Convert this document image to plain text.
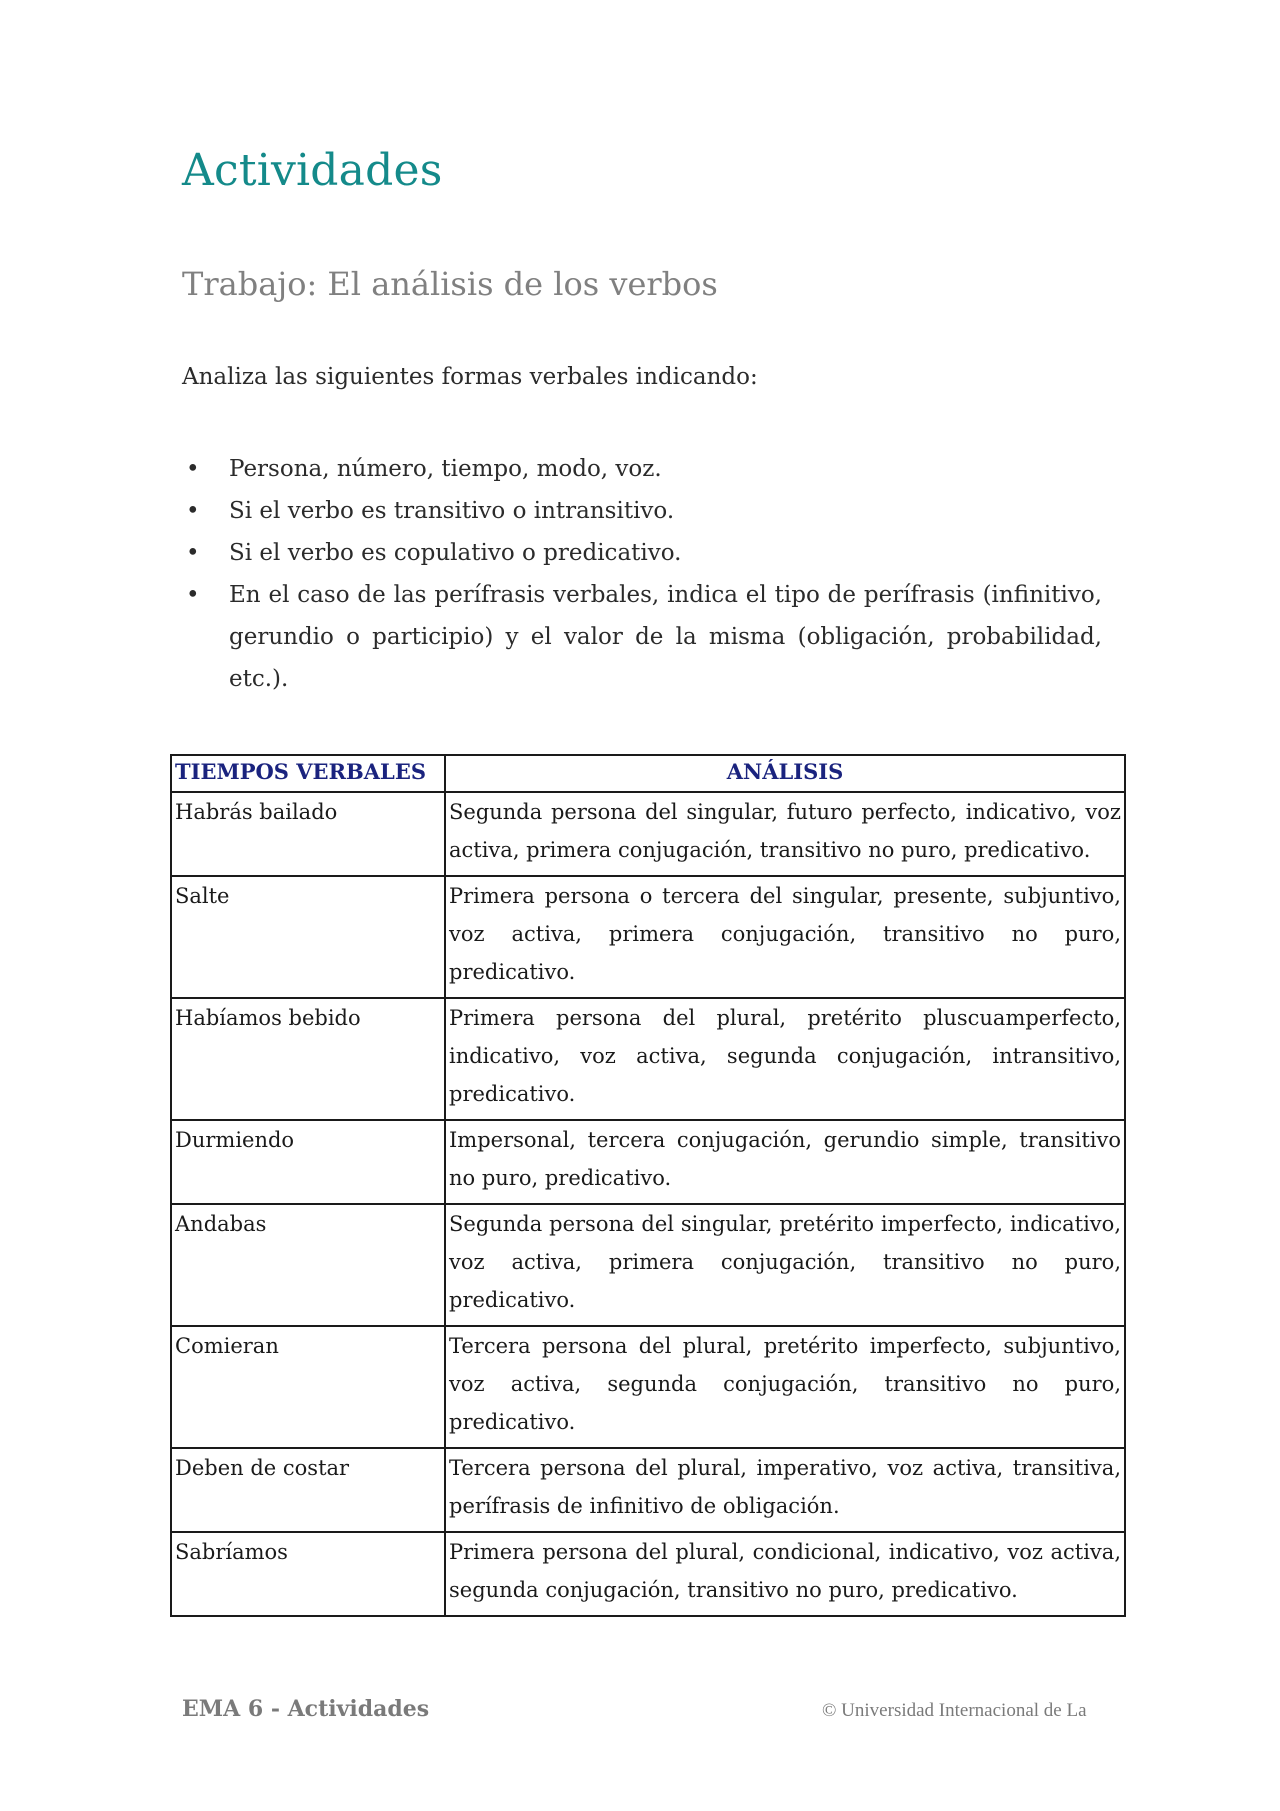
Actividades
Trabajo: El análisis de los verbos

Analiza las siguientes formas verbales indicando:

• Persona, número, tiempo, modo, voz.
• Si el verbo es transitivo o intransitivo.
• Si el verbo es copulativo o predicativo.
• En el caso de las perífrasis verbales, indica el tipo de perífrasis (infinitivo, gerundio o participio) y el valor de la misma (obligación, probabilidad, etc.).
TIEMPOS VERBALES	ANÁLISIS
Habrás bailado	Segunda persona del singular, futuro perfecto, indicativo, voz activa, primera conjugación, transitivo no puro, predicativo.
Salte	Primera persona o tercera del singular, presente, subjuntivo, voz activa, primera conjugación, transitivo no puro, predicativo.
Habíamos bebido	Primera persona del plural, pretérito pluscuamperfecto, indicativo, voz activa, segunda conjugación, intransitivo, predicativo.
Durmiendo	Impersonal, tercera conjugación, gerundio simple, transitivo no puro, predicativo.
Andabas	Segunda persona del singular, pretérito imperfecto, indicativo, voz activa, primera conjugación, transitivo no puro, predicativo.
Comieran	Tercera persona del plural, pretérito imperfecto, subjuntivo, voz activa, segunda conjugación, transitivo no puro, predicativo.
Deben de costar	Tercera persona del plural, imperativo, voz activa, transitiva, perífrasis de infinitivo de obligación.
Sabríamos	Primera persona del plural, condicional, indicativo, voz activa, segunda conjugación, transitivo no puro, predicativo.
EMA 6 - Actividades	© Universidad Internacional de La
